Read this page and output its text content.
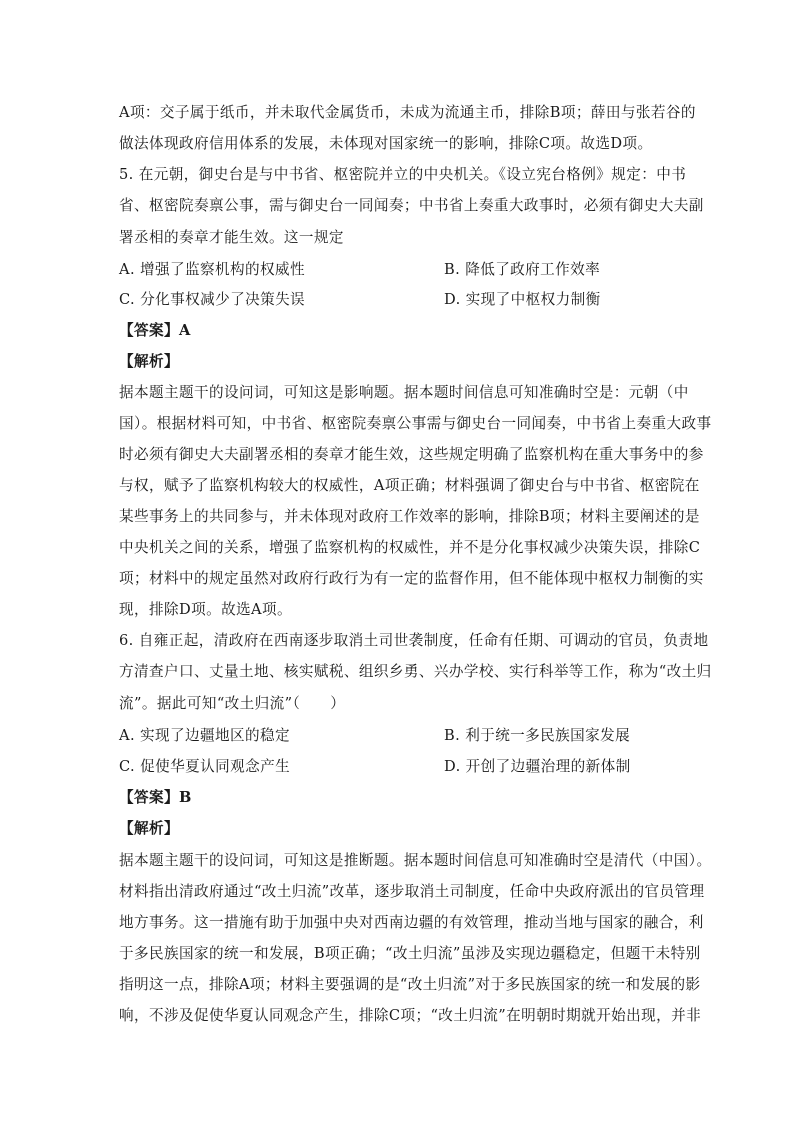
A项：交子属于纸币，并未取代金属货币，未成为流通主币，排除B项；薛田与张若谷的
做法体现政府信用体系的发展，未体现对国家统一的影响，排除C项。故选D项。
5. 在元朝，御史台是与中书省、枢密院并立的中央机关。《设立宪台格例》规定：中书
省、枢密院奏禀公事，需与御史台一同闻奏；中书省上奏重大政事时，必须有御史大夫副
署丞相的奏章才能生效。这一规定
A. 增强了监察机构的权威性	B. 降低了政府工作效率
C. 分化事权减少了决策失误	D. 实现了中枢权力制衡
【答案】A
【解析】
据本题主题干的设问词，可知这是影响题。据本题时间信息可知准确时空是：元朝（中
国）。根据材料可知，中书省、枢密院奏禀公事需与御史台一同闻奏，中书省上奏重大政事
时必须有御史大夫副署丞相的奏章才能生效，这些规定明确了监察机构在重大事务中的参
与权，赋予了监察机构较大的权威性，A项正确；材料强调了御史台与中书省、枢密院在
某些事务上的共同参与，并未体现对政府工作效率的影响，排除B项；材料主要阐述的是
中央机关之间的关系，增强了监察机构的权威性，并不是分化事权减少决策失误，排除C
项；材料中的规定虽然对政府行政行为有一定的监督作用，但不能体现中枢权力制衡的实
现，排除D项。故选A项。
6. 自雍正起，清政府在西南逐步取消土司世袭制度，任命有任期、可调动的官员，负责地
方清查户口、丈量土地、核实赋税、组织乡勇、兴办学校、实行科举等工作，称为“改土归
流”。据此可知“改土归流”（　　）
A. 实现了边疆地区的稳定	B. 利于统一多民族国家发展
C. 促使华夏认同观念产生	D. 开创了边疆治理的新体制
【答案】B
【解析】
据本题主题干的设问词，可知这是推断题。据本题时间信息可知准确时空是清代（中国）。
材料指出清政府通过“改土归流”改革，逐步取消土司制度，任命中央政府派出的官员管理
地方事务。这一措施有助于加强中央对西南边疆的有效管理，推动当地与国家的融合，利
于多民族国家的统一和发展，B项正确；“改土归流”虽涉及实现边疆稳定，但题干未特别
指明这一点，排除A项；材料主要强调的是“改土归流”对于多民族国家的统一和发展的影
响，不涉及促使华夏认同观念产生，排除C项；“改土归流”在明朝时期就开始出现，并非
